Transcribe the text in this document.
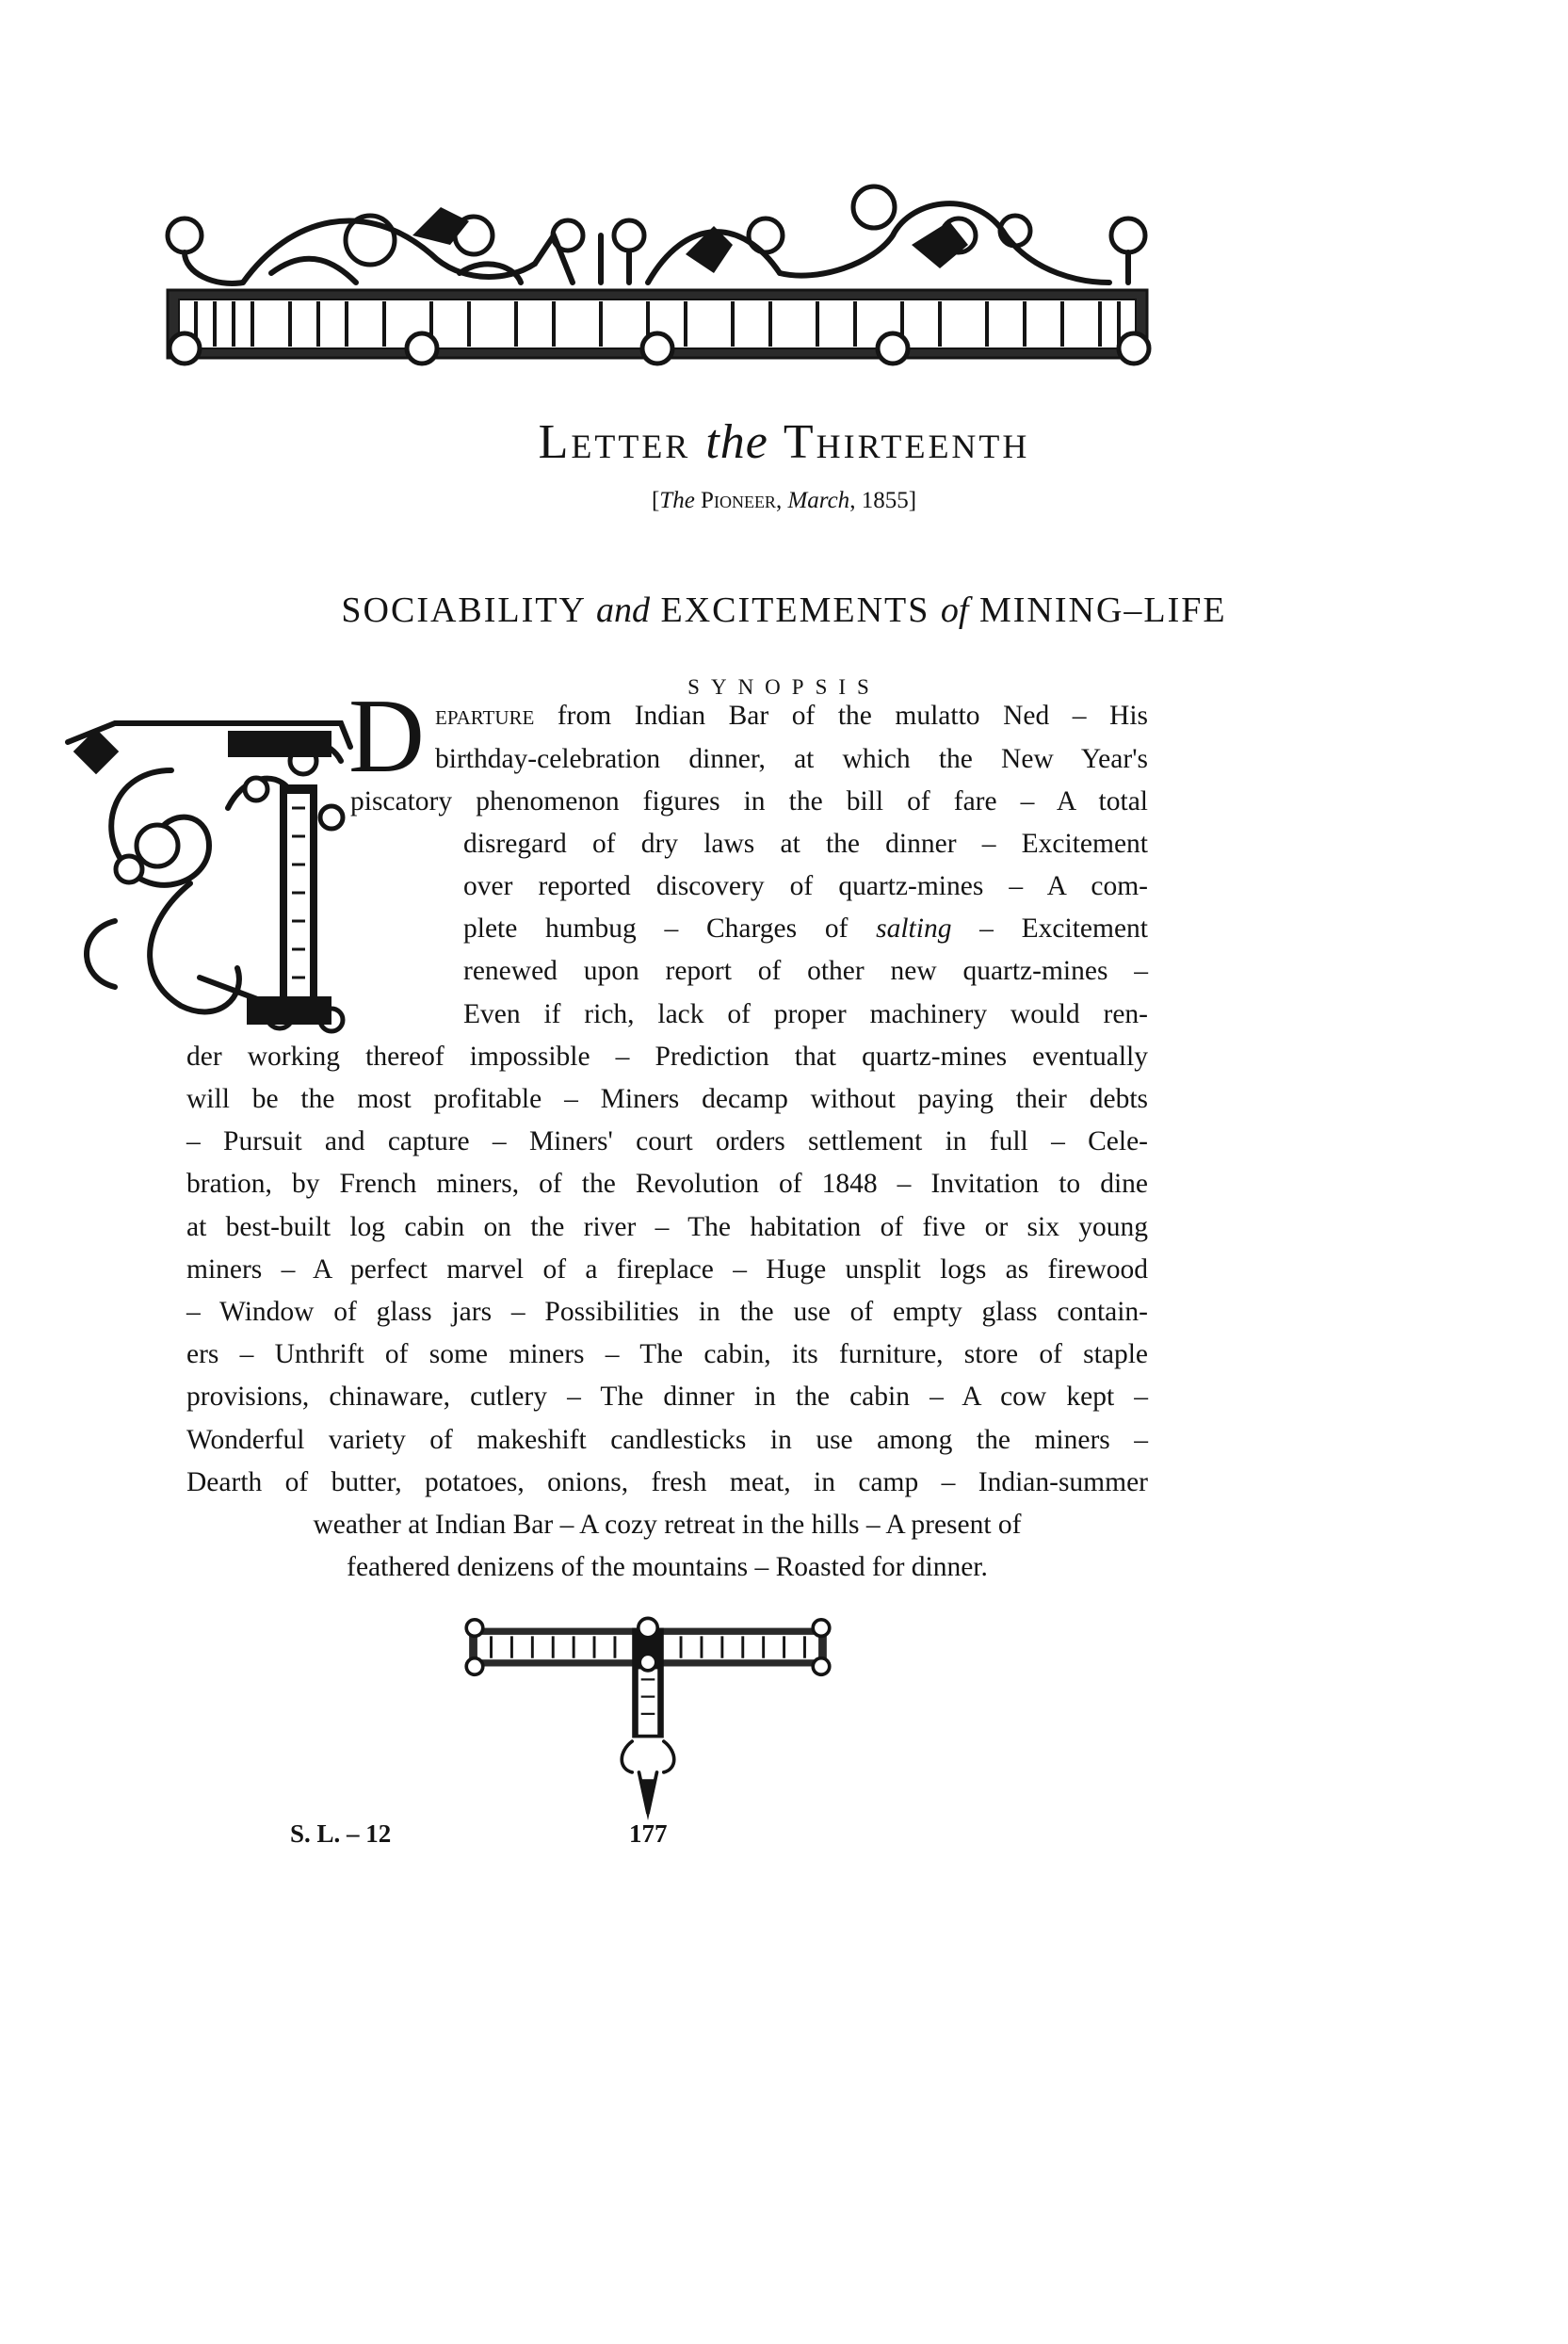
Letter the Thirteenth
[The Pioneer, March, 1855]
SOCIABILITY and EXCITEMENTS of MINING–LIFE
SYNOPSIS
D eparture from Indian Bar of the mulatto Ned – His
birthday-celebration dinner, at which the New Year's
piscatory phenomenon figures in the bill of fare – A total
disregard of dry laws at the dinner – Excitement
over reported discovery of quartz-mines – A com-
plete humbug – Charges of salting – Excitement
renewed upon report of other new quartz-mines –
Even if rich, lack of proper machinery would ren-
der working thereof impossible – Prediction that quartz-mines eventually
will be the most profitable – Miners decamp without paying their debts
– Pursuit and capture – Miners' court orders settlement in full – Cele-
bration, by French miners, of the Revolution of 1848 – Invitation to dine
at best-built log cabin on the river – The habitation of five or six young
miners – A perfect marvel of a fireplace – Huge unsplit logs as firewood
– Window of glass jars – Possibilities in the use of empty glass contain-
ers – Unthrift of some miners – The cabin, its furniture, store of staple
provisions, chinaware, cutlery – The dinner in the cabin – A cow kept –
Wonderful variety of makeshift candlesticks in use among the miners –
Dearth of butter, potatoes, onions, fresh meat, in camp – Indian-summer
weather at Indian Bar – A cozy retreat in the hills – A present of
feathered denizens of the mountains – Roasted for dinner.
S. L. – 12	177
